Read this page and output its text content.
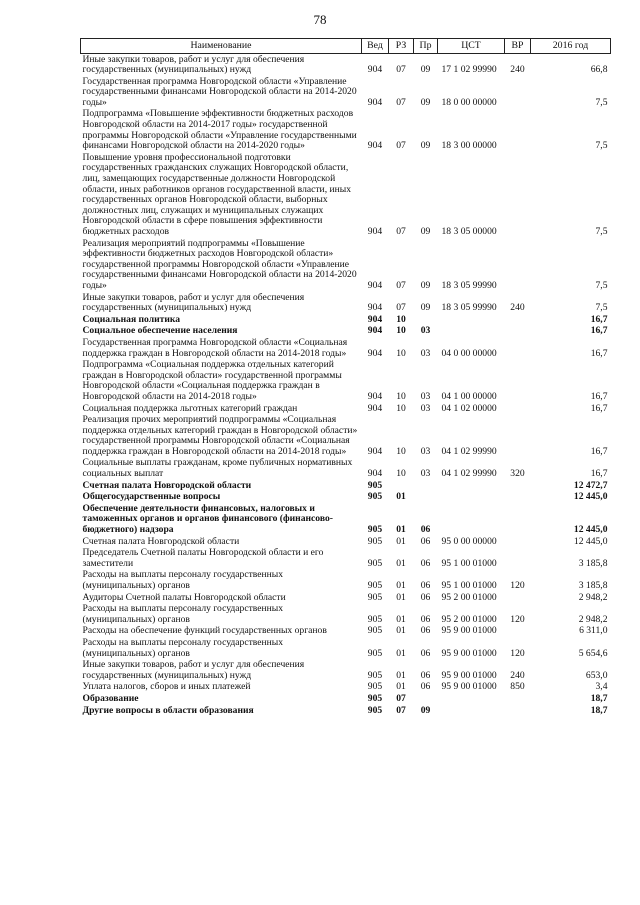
78
Наименование	Вед	РЗ	Пр	ЦСТ	ВР	2016 год
Иные закупки товаров, работ и услуг для обеспечения государственных (муниципальных) нужд	904	07	09	17 1 02 99990	240	66,8
Государственная программа Новгородской области «Управление государственными финансами Новгородской области на 2014-2020 годы»	904	07	09	18 0 00 00000		7,5
Подпрограмма «Повышение эффективности бюджетных расходов Новгородской области на 2014-2017 годы» государственной программы Новгородской области «Управление государственными финансами Новгородской области на 2014-2020 годы»	904	07	09	18 3 00 00000		7,5
Повышение уровня профессиональной подготовки государственных гражданских служащих Новгородской области, лиц, замещающих государственные должности Новгородской области, иных работников органов государственной власти, иных государственных органов Новгородской области, выборных должностных лиц, служащих и муниципальных служащих Новгородской области в сфере повышения эффективности бюджетных расходов	904	07	09	18 3 05 00000		7,5
Реализация мероприятий подпрограммы «Повышение эффективности бюджетных расходов Новгородской области» государственной программы Новгородской области «Управление государственными финансами Новгородской области на 2014-2020 годы»	904	07	09	18 3 05 99990		7,5
Иные закупки товаров, работ и услуг для обеспечения государственных (муниципальных) нужд	904	07	09	18 3 05 99990	240	7,5
Социальная политика	904	10				16,7
Социальное обеспечение населения	904	10	03			16,7
Государственная программа Новгородской области «Социальная поддержка граждан в Новгородской области на 2014-2018 годы»	904	10	03	04 0 00 00000		16,7
Подпрограмма «Социальная поддержка отдельных категорий граждан в Новгородской области» государственной программы Новгородской области «Социальная поддержка граждан в Новгородской области на 2014-2018 годы»	904	10	03	04 1 00 00000		16,7
Социальная поддержка льготных категорий граждан	904	10	03	04 1 02 00000		16,7
Реализация прочих мероприятий подпрограммы «Социальная поддержка отдельных категорий граждан в Новгородской области» государственной программы Новгородской области «Социальная поддержка граждан в Новгородской области на 2014-2018 годы»	904	10	03	04 1 02 99990		16,7
Социальные выплаты гражданам, кроме публичных нормативных социальных выплат	904	10	03	04 1 02 99990	320	16,7
Счетная палата Новгородской области	905					12 472,7
Общегосударственные вопросы	905	01				12 445,0
Обеспечение деятельности финансовых, налоговых и таможенных органов и органов финансового (финансово-бюджетного) надзора	905	01	06			12 445,0
Счетная палата Новгородской области	905	01	06	95 0 00 00000		12 445,0
Председатель Счетной палаты Новгородской области и его заместители	905	01	06	95 1 00 01000		3 185,8
Расходы на выплаты персоналу государственных (муниципальных) органов	905	01	06	95 1 00 01000	120	3 185,8
Аудиторы Счетной палаты Новгородской области	905	01	06	95 2 00 01000		2 948,2
Расходы на выплаты персоналу государственных (муниципальных) органов	905	01	06	95 2 00 01000	120	2 948,2
Расходы на обеспечение функций государственных органов	905	01	06	95 9 00 01000		6 311,0
Расходы на выплаты персоналу государственных (муниципальных) органов	905	01	06	95 9 00 01000	120	5 654,6
Иные закупки товаров, работ и услуг для обеспечения государственных (муниципальных) нужд	905	01	06	95 9 00 01000	240	653,0
Уплата налогов, сборов и иных платежей	905	01	06	95 9 00 01000	850	3,4
Образование	905	07				18,7
Другие вопросы в области образования	905	07	09			18,7
